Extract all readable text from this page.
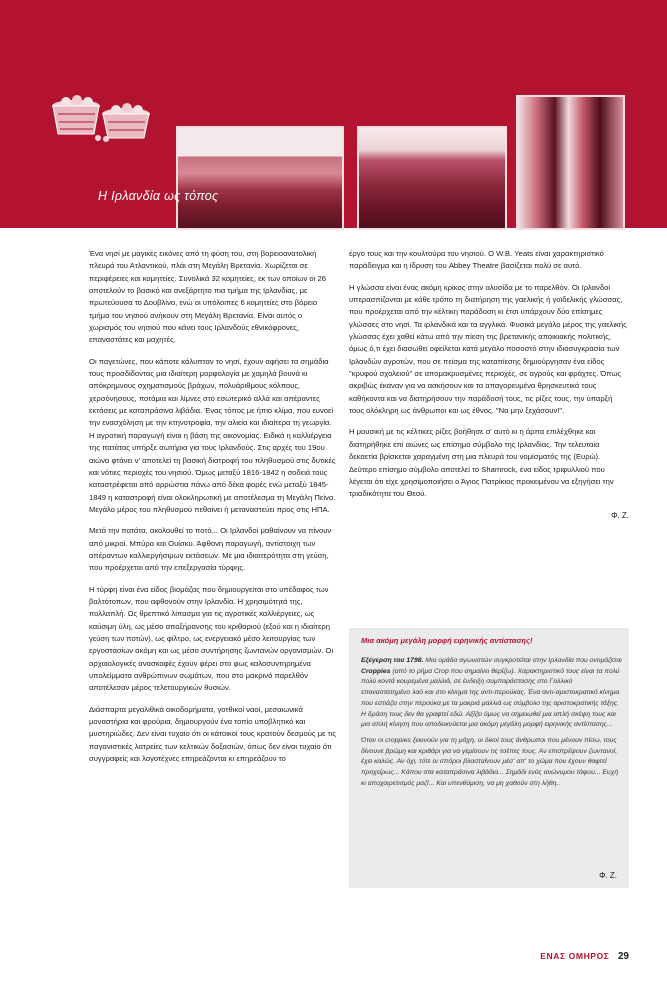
Η Ιρλανδία ως τόπος

Ένα νησί με μαγικές εικόνες από τη φύση του, στη βορειοανατολική πλευρά του Ατλαντικού, πλάι στη Μεγάλη Βρετανία. Χωρίζεται σε περιφέρειες και κομητείες. Συνολικά 32 κομητείες, εκ των οποίων οι 26 αποτελούν το βασικό και ανεξάρτητο πια τμήμα της Ιρλανδίας, με πρωτεύουσα το Δουβλίνο, ενώ οι υπόλοιπες 6 κομητείες στο βόρειο τμήμα του νησιού ανήκουν στη Μεγάλη Βρετανία. Είναι αυτός ο χωρισμός του νησιού που κάνει τους Ιρλανδούς εθνικόφρονες, επαναστάτες και μαχητές.

Οι παγετώνες, που κάποτε κάλυπταν το νησί, έχουν αφήσει τα σημάδια τους προσδίδοντας μια ιδιαίτερη μορφολογία με χαμηλά βουνά κι απόκρημνους σχηματισμούς βράχων, πολυάριθμους κόλπους, χερσόνησους, ποτάμια και λίμνες στο εσωτερικό αλλά και απέραντες εκτάσεις με καταπράσινα λιβάδια. Ένας τόπος με ήπιο κλίμα, που ευνοεί την ενασχόληση με την κτηνοτροφία, την αλιεία και ιδιαίτερα τη γεωργία. Η αγροτική παραγωγή είναι η βάση της οικονομίας. Ειδικά η καλλιέργεια της πατάτας υπήρξε σωτήρια για τους Ιρλανδούς. Στις αρχές του 19ου αιώνα φτάνει ν' αποτελεί τη βασική διατροφή του πληθυσμού στις δυτικές και νότιες περιοχές του νησιού. Όμως μεταξύ 1816-1842 η σοδειά τους καταστρέφεται από αρρώστια πάνω από δέκα φορές ενώ μεταξύ 1845-1849 η καταστροφή είναι ολοκληρωτική με αποτέλεσμα τη Μεγάλη Πείνα. Μεγάλο μέρος του πληθυσμού πεθαίνει ή μεταναστεύει προς στις ΗΠΑ.

Μετά την πατάτα, ακολουθεί το ποτό... Οι Ιρλανδοί μαθαίνουν να πίνουν από μικροί. Μπύρα και Ουίσκυ. Άφθονη παραγωγή, αντίστοιχη των απέραντων καλλιεργήσιμων εκτάσεων. Με μια ιδιαιτερότητα στη γεύση, που προέρχεται από την επεξεργασία τύρφης.

Η τύρφη είναι ένα είδος βιομάζας που δημιουργείται στο υπέδαφος των βαλτότοπων, που αφθονούν στην Ιρλανδία. Η χρησιμότητά της, πολλαπλή. Ως θρεπτικό λίπασμα για τις αγροτικές καλλιέργειες, ως καύσιμη ύλη, ως μέσο αποξήρανσης του κριθαριού (εξού και η ιδιαίτερη γεύση των ποτών), ως φίλτρο, ως ενεργειακό μέσο λειτουργίας των εργοστασίων ακόμη και ως μέσο συντήρησης ζωντανών οργανισμών. Οι αρχαιολογικές ανασκαφές έχουν φέρει στο φως καλοσυντηρημένα υπολείμματα ανθρώπινων σωμάτων, που στο μακρινό παρελθόν αποτέλεσαν μέρος τελετουργικών θυσιών.

Διάσπαρτα μεγαλιθικά οικοδομήματα, γοτθικοί ναοί, μεσαιωνικά μοναστήρια και φρούρια, δημιουργούν ένα τοπίο υποβλητικό και μυστηριώδες. Δεν είναι τυχαίο ότι οι κάτοικοί τους κρατούν δεσμούς με τις παγανιστικές λατρείες των κελτικών δοξασιών, όπως δεν είναι τυχαίο ότι συγγραφείς και λογοτέχνες επηρεάζονται κι επηρεάζουν το

έργο τους και την κουλτούρα του νησιού. Ο W.B. Yeats είναι χαρακτηριστικό παράδειγμα και η ίδρυση του Abbey Theatre βασίζεται πολύ σε αυτό.

Η γλώσσα είναι ένας ακόμη κρίκος στην αλυσίδα με το παρελθόν. Οι Ιρλανδοί υπερασπίζονται με κάθε τρόπο τη διατήρηση της γαελικής ή γοϊδελικής γλώσσας, που προέρχεται από την κέλτικη παράδοση κι έτσι υπάρχουν δύο επίσημες γλώσσες στο νησί. Τα ιρλανδικά και τα αγγλικά. Φυσικά μεγάλο μέρος της γαελικής γλώσσας έχει χαθεί κάτω από την πίεση της βρετανικής αποικιακής πολιτικής, όμως ό,τι έχει διασωθεί οφείλεται κατά μεγάλο ποσοστό στην ιδιοσυγκρασία των Ιρλανδών αγροτών, που σε πείσμα της καταπίεσης δημιούργησαν ένα είδος "κρυφού σχολειού" σε απομακρυσμένες περιοχές, σε αγρούς και φράχτες. Όπως ακριβώς έκαναν για να ασκήσουν και τα απαγορευμένα θρησκευτικά τους καθήκοντα και να διατηρήσουν την παράδοσή τους, τις ρίζες τους, την ύπαρξή τους ολόκληρη ως άνθρωποι και ως έθνος. "Να μην ξεχάσουν!".

Η μουσική με τις κέλτικες ρίζες βοήθησε σ' αυτό κι η άρπα επιλέχθηκε και διατηρήθηκε επί αιώνες ως επίσημο σύμβολο της Ιρλανδίας. Την τελευταία δεκαετία βρίσκεται χαραγμένη στη μια πλευρά του νομίσματός της (Ευρώ). Δεύτερο επίσημο σύμβολο αποτελεί το Shamrock, ένα είδος τριφυλλιού που λέγεται ότι είχε χρησιμοποιήσει ο Άγιος Πατρίκιος προκειμένου να εξηγήσει την τριαδικότητα του Θεού.

Φ. Ζ.

Μια ακόμη μεγάλη μορφή ειρηνικής αντίστασης!

Εξέγερση του 1798. Μια ομάδα αγωνιστών συγκροτείται στην Ιρλανδία που ονομάζεται Croppies (από το ρήμα Crop που σημαίνει θερίζω). Χαρακτηριστικό τους είναι τα πολύ πολύ κοντά κουρεμένα μαλλιά, σε ένδειξη συμπαράστασης στο Γαλλικό επαναστατημένο λαό και στο κίνημα της αντι-περούκας. Ένα αντι-αριστοκρατικό κίνημα που εστιάζει στην περούκα με τα μακριά μαλλιά ως σύμβολο της αριστοκρατικής τάξης. Η δράση τους δεν θα γραφτεί εδώ. Αξίζει όμως να σημειωθεί μια απλή σκέψη τους και μια απλή κίνηση που αποδεικνύεται μια ακόμη μεγάλη μορφή ειρηνικής αντίστασης...

Όταν οι croppies ξεκινούν για τη μάχη, οι δικοί τους άνθρωποι που μένουν πίσω, τους δίνουνε βρώμη και κριθάρι για να γεμίσουν τις τσέπες τους. Αν επιστρέψουν ζωντανοί, έχει καλώς. Αν όχι, τότε οι σπόροι βλασταίνουν μέσ' απ' το χώμα που έχουν θαφτεί προχείρως... Κάπου στα καταπράσινα λιβάδια... Σημάδι ενός ανώνυμου τάφου... Ευχή κι αποχαιρετισμός μαζί... Και υπενθύμιση, να μη χαθούν στη λήθη..

Φ. Ζ.
ΕΝΑΣ ΟΜΗΡΟΣ 29
